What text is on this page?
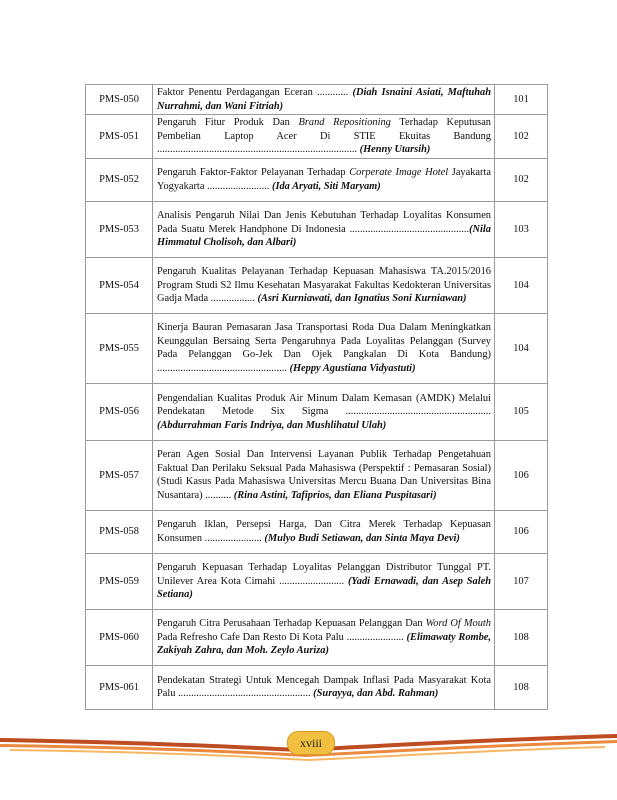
PMS-050	Faktor Penentu Perdagangan Eceran ............ (Diah Isnaini Asiati, Maftuhah Nurrahmi, dan Wani Fitriah)	101
PMS-051	Pengaruh Fitur Produk Dan Brand Repositioning Terhadap Keputusan Pembelian Laptop Acer Di STIE Ekuitas Bandung ............................................................................. (Henny Utarsih)	102
PMS-052	Pengaruh Faktor-Faktor Pelayanan Terhadap Corperate Image Hotel Jayakarta Yogyakarta ........................ (Ida Aryati, Siti Maryam)	102
PMS-053	Analisis Pengaruh Nilai Dan Jenis Kebutuhan Terhadap Loyalitas Konsumen Pada Suatu Merek Handphone Di Indonesia ..............................................(Nila Himmatul Cholisoh, dan Albari)	103
PMS-054	Pengaruh Kualitas Pelayanan Terhadap Kepuasan Mahasiswa TA.2015/2016 Program Studi S2 Ilmu Kesehatan Masyarakat Fakultas Kedokteran Universitas Gadja Mada ................. (Asri Kurniawati, dan Ignatius Soni Kurniawan)	104
PMS-055	Kinerja Bauran Pemasaran Jasa Transportasi Roda Dua Dalam Meningkatkan Keunggulan Bersaing Serta Pengaruhnya Pada Loyalitas Pelanggan (Survey Pada Pelanggan Go-Jek Dan Ojek Pangkalan Di Kota Bandung) .................................................. (Heppy Agustiana Vidyastuti)	104
PMS-056	Pengendalian Kualitas Produk Air Minum Dalam Kemasan (AMDK) Melalui Pendekatan Metode Six Sigma ........................................................ (Abdurrahman Faris Indriya, dan Mushlihatul Ulah)	105
PMS-057	Peran Agen Sosial Dan Intervensi Layanan Publik Terhadap Pengetahuan Faktual Dan Perilaku Seksual Pada Mahasiswa (Perspektif : Pemasaran Sosial) (Studi Kasus Pada Mahasiswa Universitas Mercu Buana Dan Universitas Bina Nusantara) .......... (Rina Astini, Tafiprios, dan Eliana Puspitasari)	106
PMS-058	Pengaruh Iklan, Persepsi Harga, Dan Citra Merek Terhadap Kepuasan Konsumen ...................... (Mulyo Budi Setiawan, dan Sinta Maya Devi)	106
PMS-059	Pengaruh Kepuasan Terhadap Loyalitas Pelanggan Distributor Tunggal PT. Unilever Area Kota Cimahi ......................... (Yadi Ernawadi, dan Asep Saleh Setiana)	107
PMS-060	Pengaruh Citra Perusahaan Terhadap Kepuasan Pelanggan Dan Word Of Mouth Pada Refresho Cafe Dan Resto Di Kota Palu ...................... (Elimawaty Rombe, Zakiyah Zahra, dan Moh. Zeylo Auriza)	108
PMS-061	Pendekatan Strategi Untuk Mencegah Dampak Inflasi Pada Masyarakat Kota Palu ................................................... (Surayya, dan Abd. Rahman)	108
xviii
